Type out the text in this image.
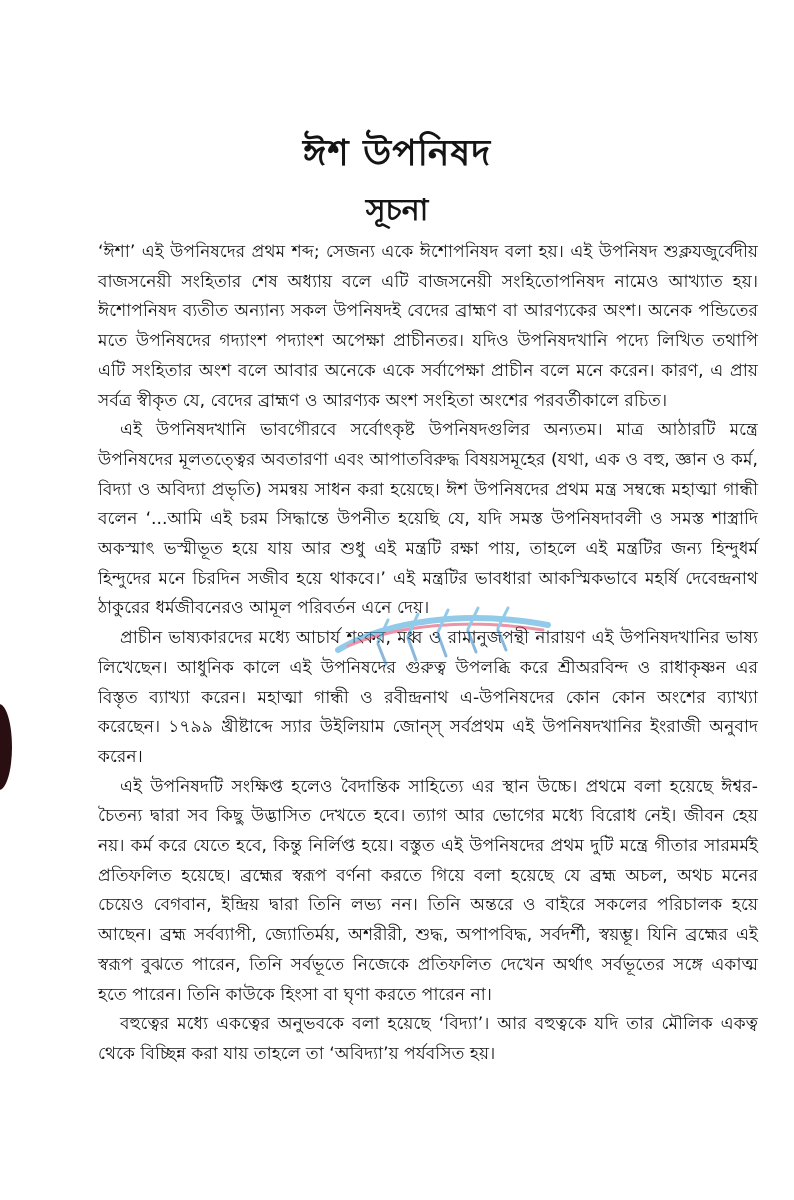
ঈশ উপনিষদ
সূচনা

‘ঈশা’ এই উপনিষদের প্রথম শব্দ; সেজন্য একে ঈশোপনিষদ বলা হয়। এই উপনিষদ শুক্লযজুর্বেদীয় বাজসনেয়ী সংহিতার শেষ অধ্যায় বলে এটি বাজসনেয়ী সংহিতোপনিষদ নামেও আখ্যাত হয়। ঈশোপনিষদ ব্যতীত অন্যান্য সকল উপনিষদই বেদের ব্রাহ্মণ বা আরণ্যকের অংশ। অনেক পন্ডিতের মতে উপনিষদের গদ্যাংশ পদ্যাংশ অপেক্ষা প্রাচীনতর। যদিও উপনিষদখানি পদ্যে লিখিত তথাপি এটি সংহিতার অংশ বলে আবার অনেকে একে সর্বাপেক্ষা প্রাচীন বলে মনে করেন। কারণ, এ প্রায় সর্বত্র স্বীকৃত যে, বেদের ব্রাহ্মণ ও আরণ্যক অংশ সংহিতা অংশের পরবর্তীকালে রচিত।

এই উপনিষদখানি ভাবগৌরবে সর্বোৎকৃষ্ট উপনিষদগুলির অন্যতম। মাত্র আঠারটি মন্ত্রে উপনিষদের মূলতত্ত্বের অবতারণা এবং আপাতবিরুদ্ধ বিষয়সমূহের (যথা, এক ও বহু, জ্ঞান ও কর্ম, বিদ্যা ও অবিদ্যা প্রভৃতি) সমন্বয় সাধন করা হয়েছে। ঈশ উপনিষদের প্রথম মন্ত্র সম্বন্ধে মহাত্মা গান্ধী বলেন ‘...আমি এই চরম সিদ্ধান্তে উপনীত হয়েছি যে, যদি সমস্ত উপনিষদাবলী ও সমস্ত শাস্ত্রাদি অকস্মাৎ ভস্মীভূত হয়ে যায় আর শুধু এই মন্ত্রটি রক্ষা পায়, তাহলে এই মন্ত্রটির জন্য হিন্দুধর্ম হিন্দুদের মনে চিরদিন সজীব হয়ে থাকবে।’ এই মন্ত্রটির ভাবধারা আকস্মিকভাবে মহর্ষি দেবেন্দ্রনাথ ঠাকুরের ধর্মজীবনেরও আমূল পরিবর্তন এনে দেয়।

প্রাচীন ভাষ্যকারদের মধ্যে আচার্য শংকর, মধ্ব ও রামানুজপন্থী নারায়ণ এই উপনিষদখানির ভাষ্য লিখেছেন। আধুনিক কালে এই উপনিষদের গুরুত্ব উপলব্ধি করে শ্রীঅরবিন্দ ও রাধাকৃষ্ণন এর বিস্তৃত ব্যাখ্যা করেন। মহাত্মা গান্ধী ও রবীন্দ্রনাথ এ-উপনিষদের কোন কোন অংশের ব্যাখ্যা করেছেন। ১৭৯৯ খ্রীষ্টাব্দে স্যার উইলিয়াম জোন্‌স্ সর্বপ্রথম এই উপনিষদখানির ইংরাজী অনুবাদ করেন।

এই উপনিষদটি সংক্ষিপ্ত হলেও বৈদান্তিক সাহিত্যে এর স্থান উচ্চে। প্রথমে বলা হয়েছে ঈশ্বর-চৈতন্য দ্বারা সব কিছু উদ্ভাসিত দেখতে হবে। ত্যাগ আর ভোগের মধ্যে বিরোধ নেই। জীবন হেয় নয়। কর্ম করে যেতে হবে, কিন্তু নির্লিপ্ত হয়ে। বস্তুত এই উপনিষদের প্রথম দুটি মন্ত্রে গীতার সারমর্মই প্রতিফলিত হয়েছে। ব্রহ্মের স্বরূপ বর্ণনা করতে গিয়ে বলা হয়েছে যে ব্রহ্ম অচল, অথচ মনের চেয়েও বেগবান, ইন্দ্রিয় দ্বারা তিনি লভ্য নন। তিনি অন্তরে ও বাইরে সকলের পরিচালক হয়ে আছেন। ব্রহ্ম সর্বব্যাপী, জ্যোতির্ময়, অশরীরী, শুদ্ধ, অপাপবিদ্ধ, সর্বদর্শী, স্বয়ম্ভূ। যিনি ব্রহ্মের এই স্বরূপ বুঝতে পারেন, তিনি সর্বভূতে নিজেকে প্রতিফলিত দেখেন অর্থাৎ সর্বভূতের সঙ্গে একাত্ম হতে পারেন। তিনি কাউকে হিংসা বা ঘৃণা করতে পারেন না।

বহুত্বের মধ্যে একত্বের অনুভবকে বলা হয়েছে ‘বিদ্যা’। আর বহুত্বকে যদি তার মৌলিক একত্ব থেকে বিচ্ছিন্ন করা যায় তাহলে তা ‘অবিদ্যা’য় পর্যবসিত হয়।
